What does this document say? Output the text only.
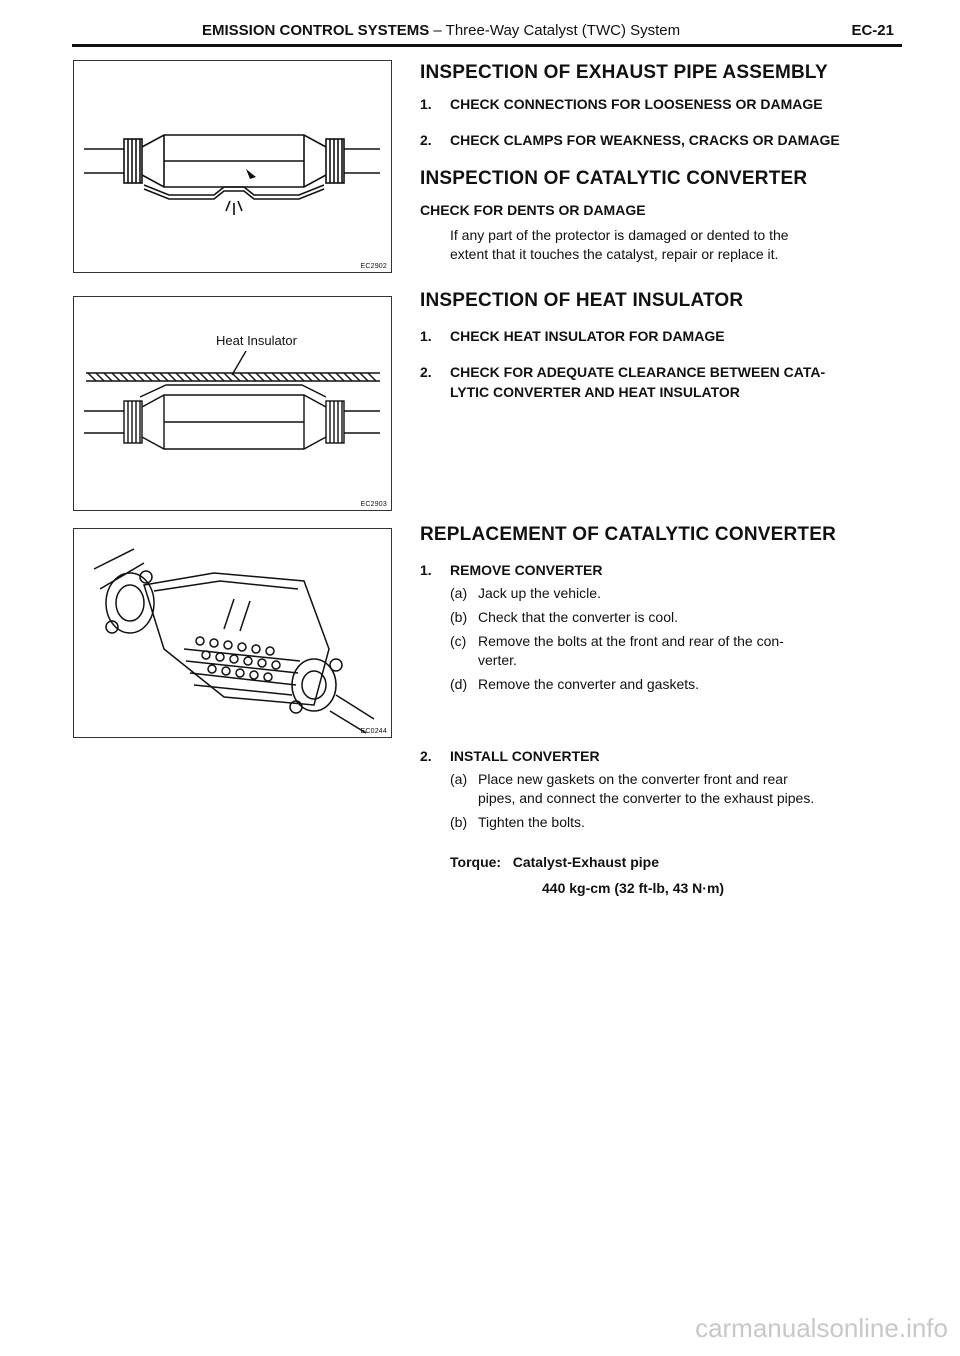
EMISSION CONTROL SYSTEMS – Three-Way Catalyst (TWC) System	EC-21
EC2902
Heat Insulator
EC2903
EC0244
INSPECTION OF EXHAUST PIPE ASSEMBLY
1. CHECK CONNECTIONS FOR LOOSENESS OR DAMAGE
2. CHECK CLAMPS FOR WEAKNESS, CRACKS OR DAMAGE
INSPECTION OF CATALYTIC CONVERTER
CHECK FOR DENTS OR DAMAGE
If any part of the protector is damaged or dented to the
extent that it touches the catalyst, repair or replace it.
INSPECTION OF HEAT INSULATOR
1. CHECK HEAT INSULATOR FOR DAMAGE
2. CHECK FOR ADEQUATE CLEARANCE BETWEEN CATA-
LYTIC CONVERTER AND HEAT INSULATOR
REPLACEMENT OF CATALYTIC CONVERTER
1. REMOVE CONVERTER
(a) Jack up the vehicle.
(b) Check that the converter is cool.
(c) Remove the bolts at the front and rear of the con-
verter.
(d) Remove the converter and gaskets.
2. INSTALL CONVERTER
(a) Place new gaskets on the converter front and rear
pipes, and connect the converter to the exhaust pipes.
(b) Tighten the bolts.
Torque: Catalyst-Exhaust pipe
440 kg-cm (32 ft-lb, 43 N·m)
carmanualsonline.info
